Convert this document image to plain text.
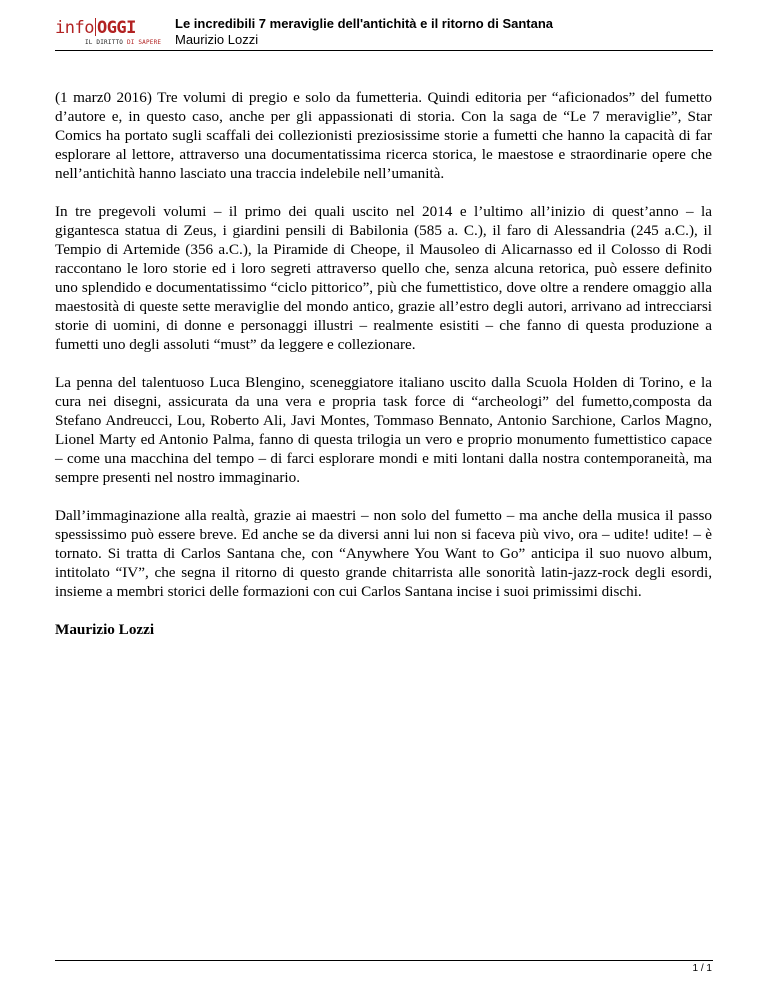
info OGGI
IL DIRITTO DI SAPERE
Le incredibili 7 meraviglie dell'antichità e il ritorno di Santana
Maurizio Lozzi

(1 marz0 2016) Tre volumi di pregio e solo da fumetteria. Quindi editoria per “aficionados” del fumetto d’autore e, in questo caso, anche per gli appassionati di storia. Con la saga de “Le 7 meraviglie”, Star Comics ha portato sugli scaffali dei collezionisti preziosissime storie a fumetti che hanno la capacità di far esplorare al lettore, attraverso una documentatissima ricerca storica, le maestose e straordinarie opere che nell’antichità hanno lasciato una traccia indelebile nell’umanità.

In tre pregevoli volumi – il primo dei quali uscito nel 2014 e l’ultimo all’inizio di quest’anno – la gigantesca statua di Zeus, i giardini pensili di Babilonia (585 a. C.), il faro di Alessandria (245 a.C.), il Tempio di Artemide (356 a.C.), la Piramide di Cheope, il Mausoleo di Alicarnasso ed il Colosso di Rodi raccontano le loro storie ed i loro segreti attraverso quello che, senza alcuna retorica, può essere definito uno splendido e documentatissimo “ciclo pittorico”, più che fumettistico, dove oltre a rendere omaggio alla maestosità di queste sette meraviglie del mondo antico, grazie all’estro degli autori, arrivano ad intrecciarsi storie di uomini, di donne e personaggi illustri – realmente esistiti – che fanno di questa produzione a fumetti uno degli assoluti “must” da leggere e collezionare.

La penna del talentuoso Luca Blengino, sceneggiatore italiano uscito dalla Scuola Holden di Torino, e la cura nei disegni, assicurata da una vera e propria task force di “archeologi” del fumetto,composta da Stefano Andreucci, Lou, Roberto Ali, Javi Montes, Tommaso Bennato, Antonio Sarchione, Carlos Magno, Lionel Marty ed Antonio Palma, fanno di questa trilogia un vero e proprio monumento fumettistico capace – come una macchina del tempo – di farci esplorare mondi e miti lontani dalla nostra contemporaneità, ma sempre presenti nel nostro immaginario.

Dall’immaginazione alla realtà, grazie ai maestri – non solo del fumetto – ma anche della musica il passo spessissimo può essere breve. Ed anche se da diversi anni lui non si faceva più vivo, ora – udite! udite! – è tornato. Si tratta di Carlos Santana che, con “Anywhere You Want to Go” anticipa il suo nuovo album, intitolato “IV”, che segna il ritorno di questo grande chitarrista alle sonorità latin-jazz-rock degli esordi, insieme a membri storici delle formazioni con cui Carlos Santana incise i suoi primissimi dischi.

Maurizio Lozzi

1 / 1
